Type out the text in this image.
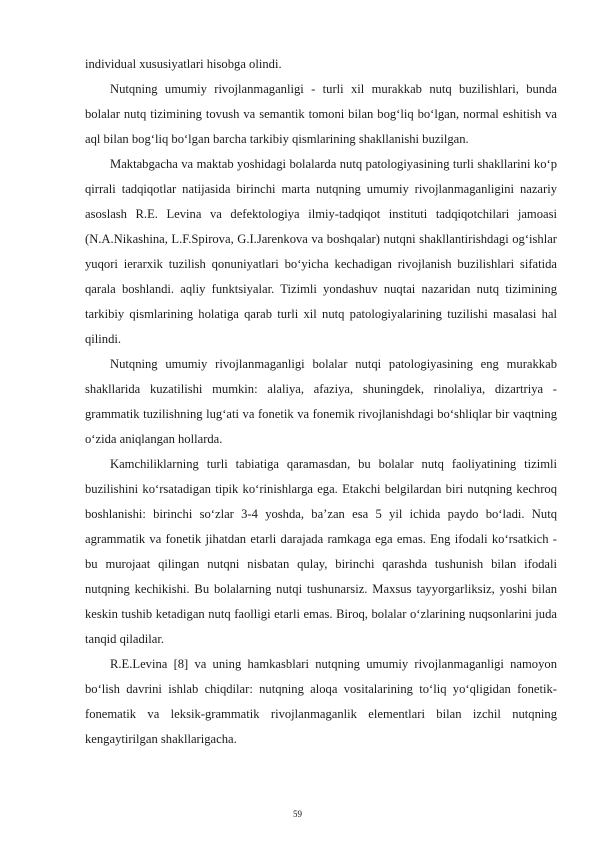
individual xususiyatlari hisobga olindi.

Nutqning umumiy rivojlanmaganligi - turli xil murakkab nutq buzilishlari, bunda bolalar nutq tizimining tovush va semantik tomoni bilan bog‘liq bo‘lgan, normal eshitish va aql bilan bog‘liq bo‘lgan barcha tarkibiy qismlarining shakllanishi buzilgan.

Maktabgacha va maktab yoshidagi bolalarda nutq patologiyasining turli shakllarini ko‘p qirrali tadqiqotlar natijasida birinchi marta nutqning umumiy rivojlanmaganligini nazariy asoslash R.E. Levina va defektologiya ilmiy-tadqiqot instituti tadqiqotchilari jamoasi (N.A.Nikashina, L.F.Spirova, G.I.Jarenkova va boshqalar) nutqni shakllantirishdagi og‘ishlar yuqori ierarxik tuzilish qonuniyatlari bo‘yicha kechadigan rivojlanish buzilishlari sifatida qarala boshlandi. aqliy funktsiyalar. Tizimli yondashuv nuqtai nazaridan nutq tizimining tarkibiy qismlarining holatiga qarab turli xil nutq patologiyalarining tuzilishi masalasi hal qilindi.

Nutqning umumiy rivojlanmaganligi bolalar nutqi patologiyasining eng murakkab shakllarida kuzatilishi mumkin: alaliya, afaziya, shuningdek, rinolaliya, dizartriya - grammatik tuzilishning lug‘ati va fonetik va fonemik rivojlanishdagi bo‘shliqlar bir vaqtning o‘zida aniqlangan hollarda.

Kamchiliklarning turli tabiatiga qaramasdan, bu bolalar nutq faoliyatining tizimli buzilishini ko‘rsatadigan tipik ko‘rinishlarga ega. Etakchi belgilardan biri nutqning kechroq boshlanishi: birinchi so‘zlar 3-4 yoshda, ba’zan esa 5 yil ichida paydo bo‘ladi. Nutq agrammatik va fonetik jihatdan etarli darajada ramkaga ega emas. Eng ifodali ko‘rsatkich - bu murojaat qilingan nutqni nisbatan qulay, birinchi qarashda tushunish bilan ifodali nutqning kechikishi. Bu bolalarning nutqi tushunarsiz. Maxsus tayyorgarliksiz, yoshi bilan keskin tushib ketadigan nutq faolligi etarli emas. Biroq, bolalar o‘zlarining nuqsonlarini juda tanqid qiladilar.

R.E.Levina [8] va uning hamkasblari nutqning umumiy rivojlanmaganligi namoyon bo‘lish davrini ishlab chiqdilar: nutqning aloqa vositalarining to‘liq yo‘qligidan fonetik-fonematik va leksik-grammatik rivojlanmaganlik elementlari bilan izchil nutqning kengaytirilgan shakllarigacha.

59
